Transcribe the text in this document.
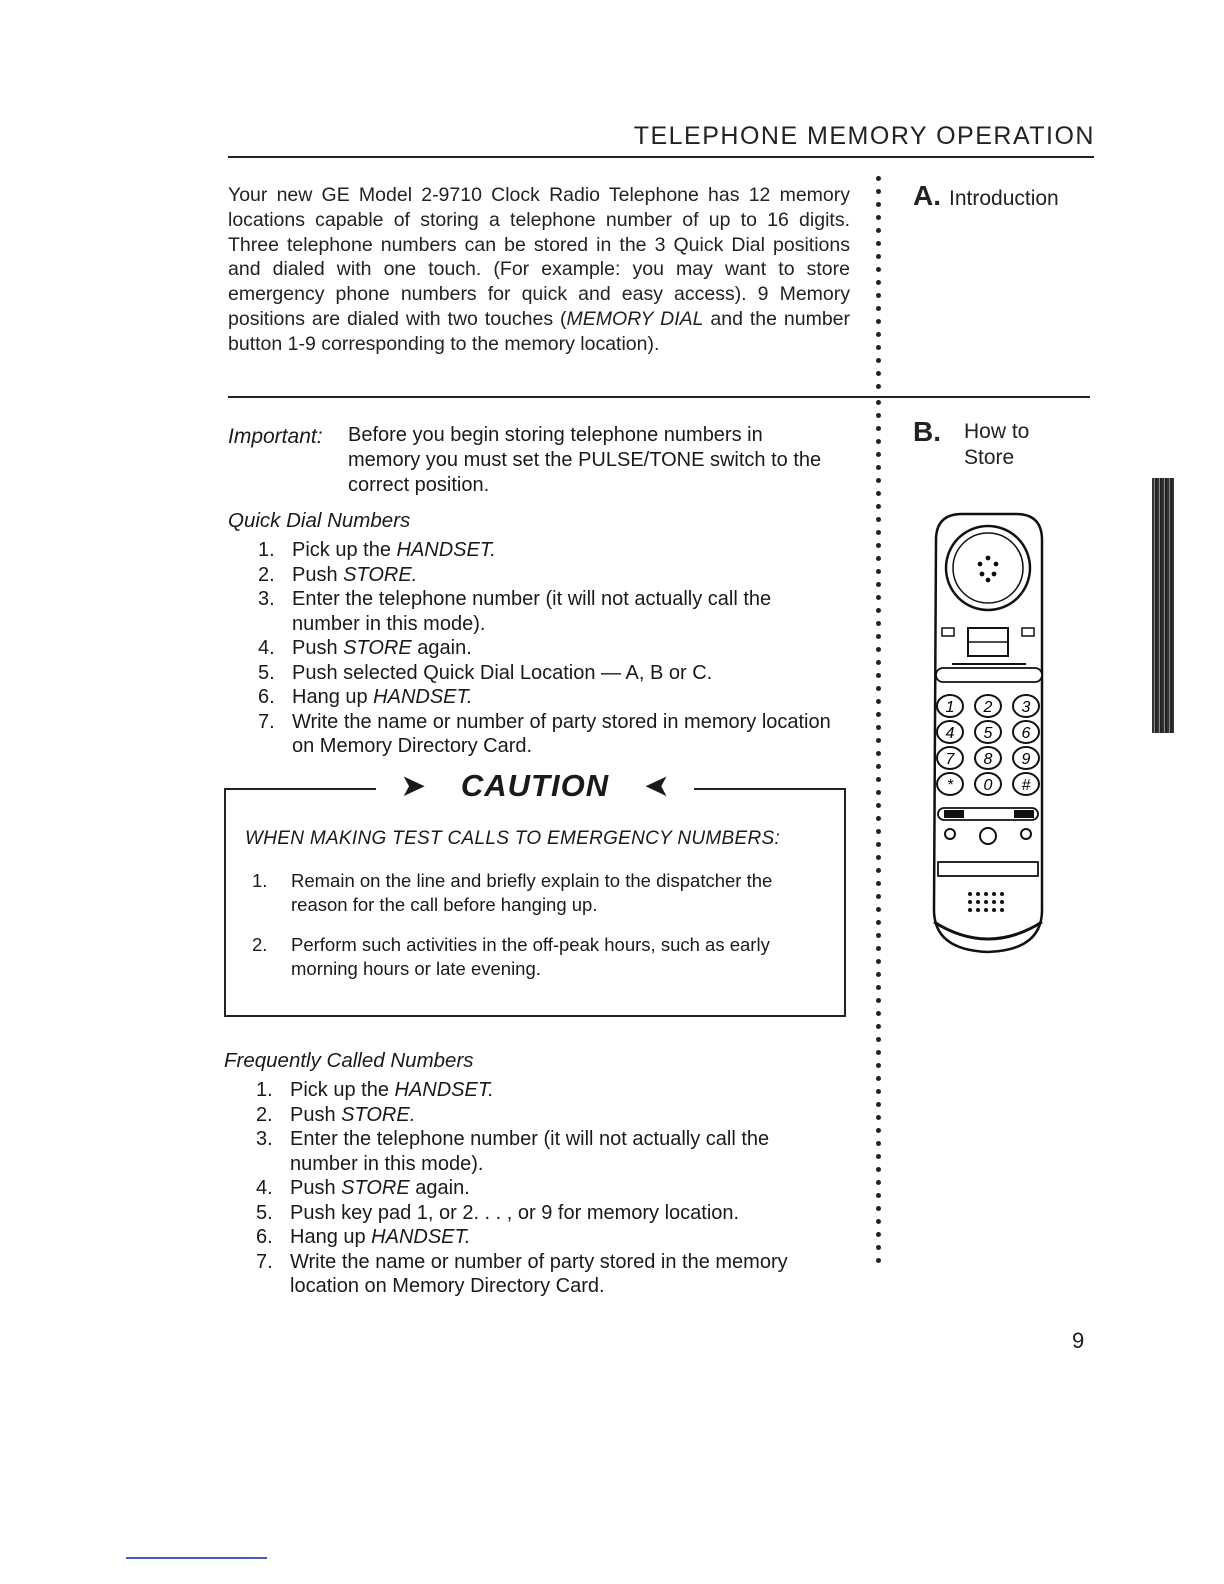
TELEPHONE MEMORY OPERATION
Your new GE Model 2-9710 Clock Radio Telephone has 12 memory locations capable of storing a telephone number of up to 16 digits. Three telephone numbers can be stored in the 3 Quick Dial positions and dialed with one touch. (For example: you may want to store emergency phone numbers for quick and easy access). 9 Memory positions are dialed with two touches (MEMORY DIAL and the number button 1-9 corresponding to the memory location).
A. Introduction
B.	How to
Store
Important: Before you begin storing telephone numbers in memory you must set the PULSE/TONE switch to the correct position.
Quick Dial Numbers
1. Pick up the HANDSET.
2. Push STORE.
3. Enter the telephone number (it will not actually call the number in this mode).
4. Push STORE again.
5. Push selected Quick Dial Location — A, B or C.
6. Hang up HANDSET.
7. Write the name or number of party stored in memory location on Memory Directory Card.
➤ CAUTION ➤
WHEN MAKING TEST CALLS TO EMERGENCY NUMBERS:
1.	Remain on the line and briefly explain to the dispatcher the reason for the call before hanging up.
2.	Perform such activities in the off-peak hours, such as early morning hours or late evening.
Frequently Called Numbers
1. Pick up the HANDSET.
2. Push STORE.
3. Enter the telephone number (it will not actually call the number in this mode).
4. Push STORE again.
5. Push key pad 1, or 2. . . , or 9 for memory location.
6. Hang up HANDSET.
7. Write the name or number of party stored in the memory location on Memory Directory Card.
1 2 3
4 5 6
7 8 9
* 0 #
9
